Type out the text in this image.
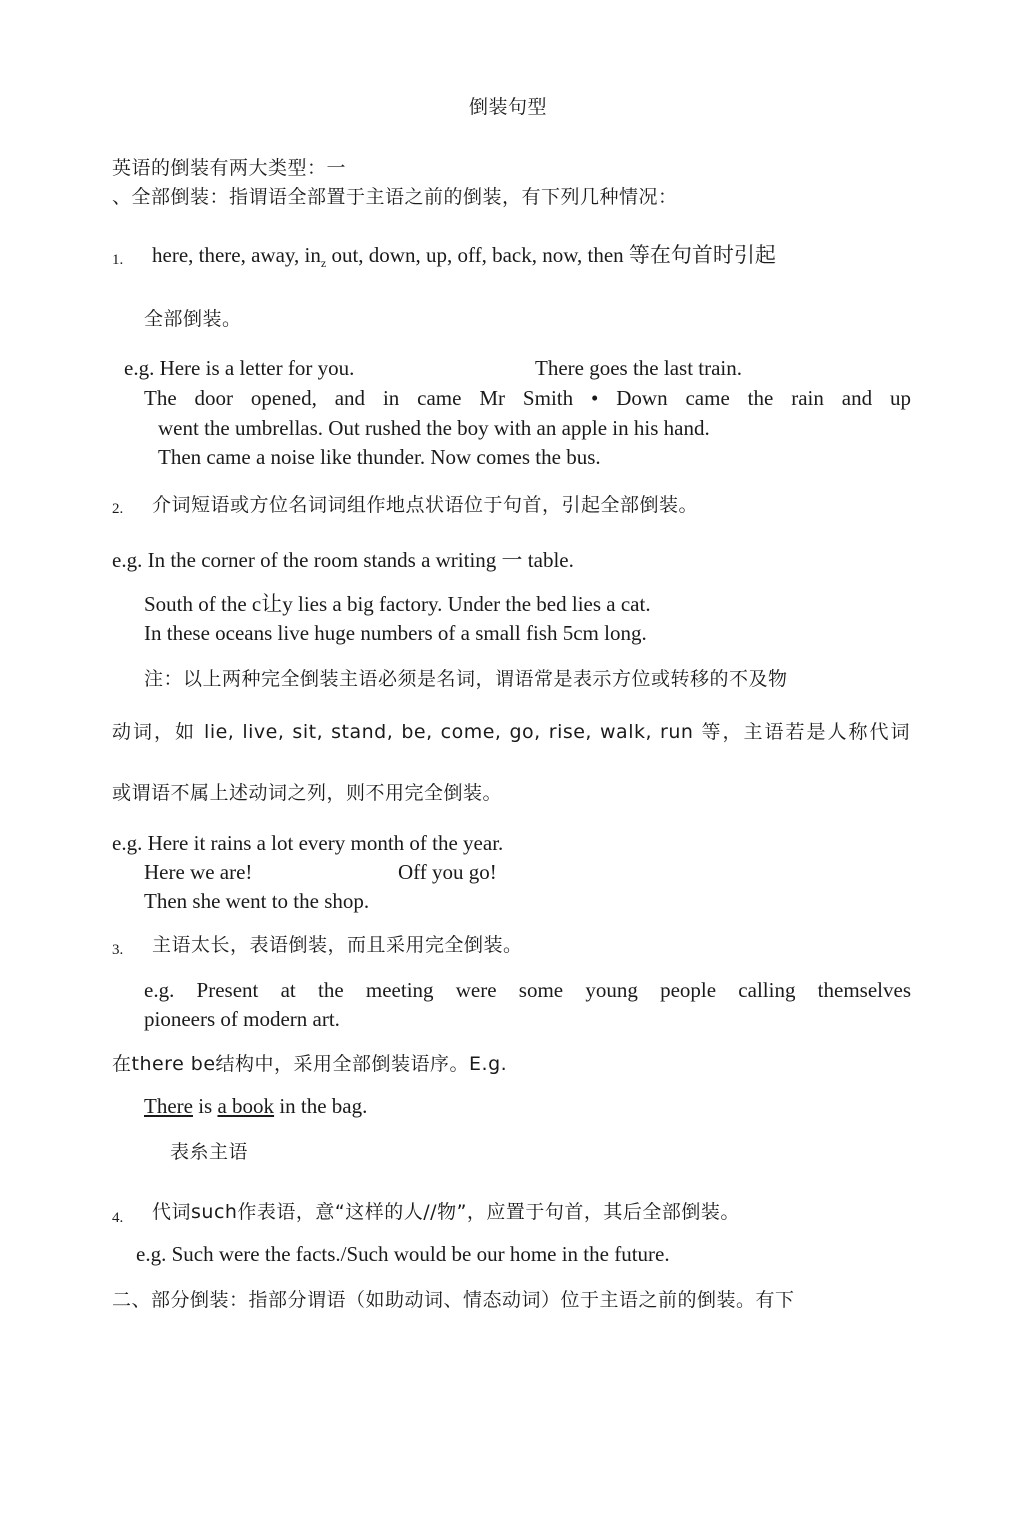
倒装句型
英语的倒装有两大类型：一
、全部倒装：指谓语全部置于主语之前的倒装，有下列几种情况：
1. here, there, away, $in_z$ out, down, up, off, back, now, then 等在句首时引起
全部倒装。
e.g. Here is a letter for you.	There goes the last train.
The door opened, and in came Mr Smith • Down came the rain and up
went the umbrellas. Out rushed the boy with an apple in his hand.
Then came a noise like thunder. Now comes the bus.
2. 介词短语或方位名词词组作地点状语位于句首，引起全部倒装。
e.g. In the corner of the room stands a writing 一 table.
South of the c让y lies a big factory. Under the bed lies a cat.
In these oceans live huge numbers of a small fish 5cm long.
注：以上两种完全倒装主语必须是名词，谓语常是表示方位或转移的不及物
动词，如 lie, live, sit, stand, be, come, go, rise, walk, run 等，主语若是人称代词
或谓语不属上述动词之列，则不用完全倒装。
e.g. Here it rains a lot every month of the year.
Here we are!	Off you go!
Then she went to the shop.
3. 主语太长，表语倒装，而且采用完全倒装。
e.g. Present at the meeting were some young people calling themselves
pioneers of modern art.
在there be结构中，采用全部倒装语序。E.g.
There is a book in the bag.
表糸主语
4. 代词such作表语，意“这样的人//物”，应置于句首，其后全部倒装。
e.g. Such were the facts./Such would be our home in the future.
二、部分倒装：指部分谓语（如助动词、情态动词）位于主语之前的倒装。有下
